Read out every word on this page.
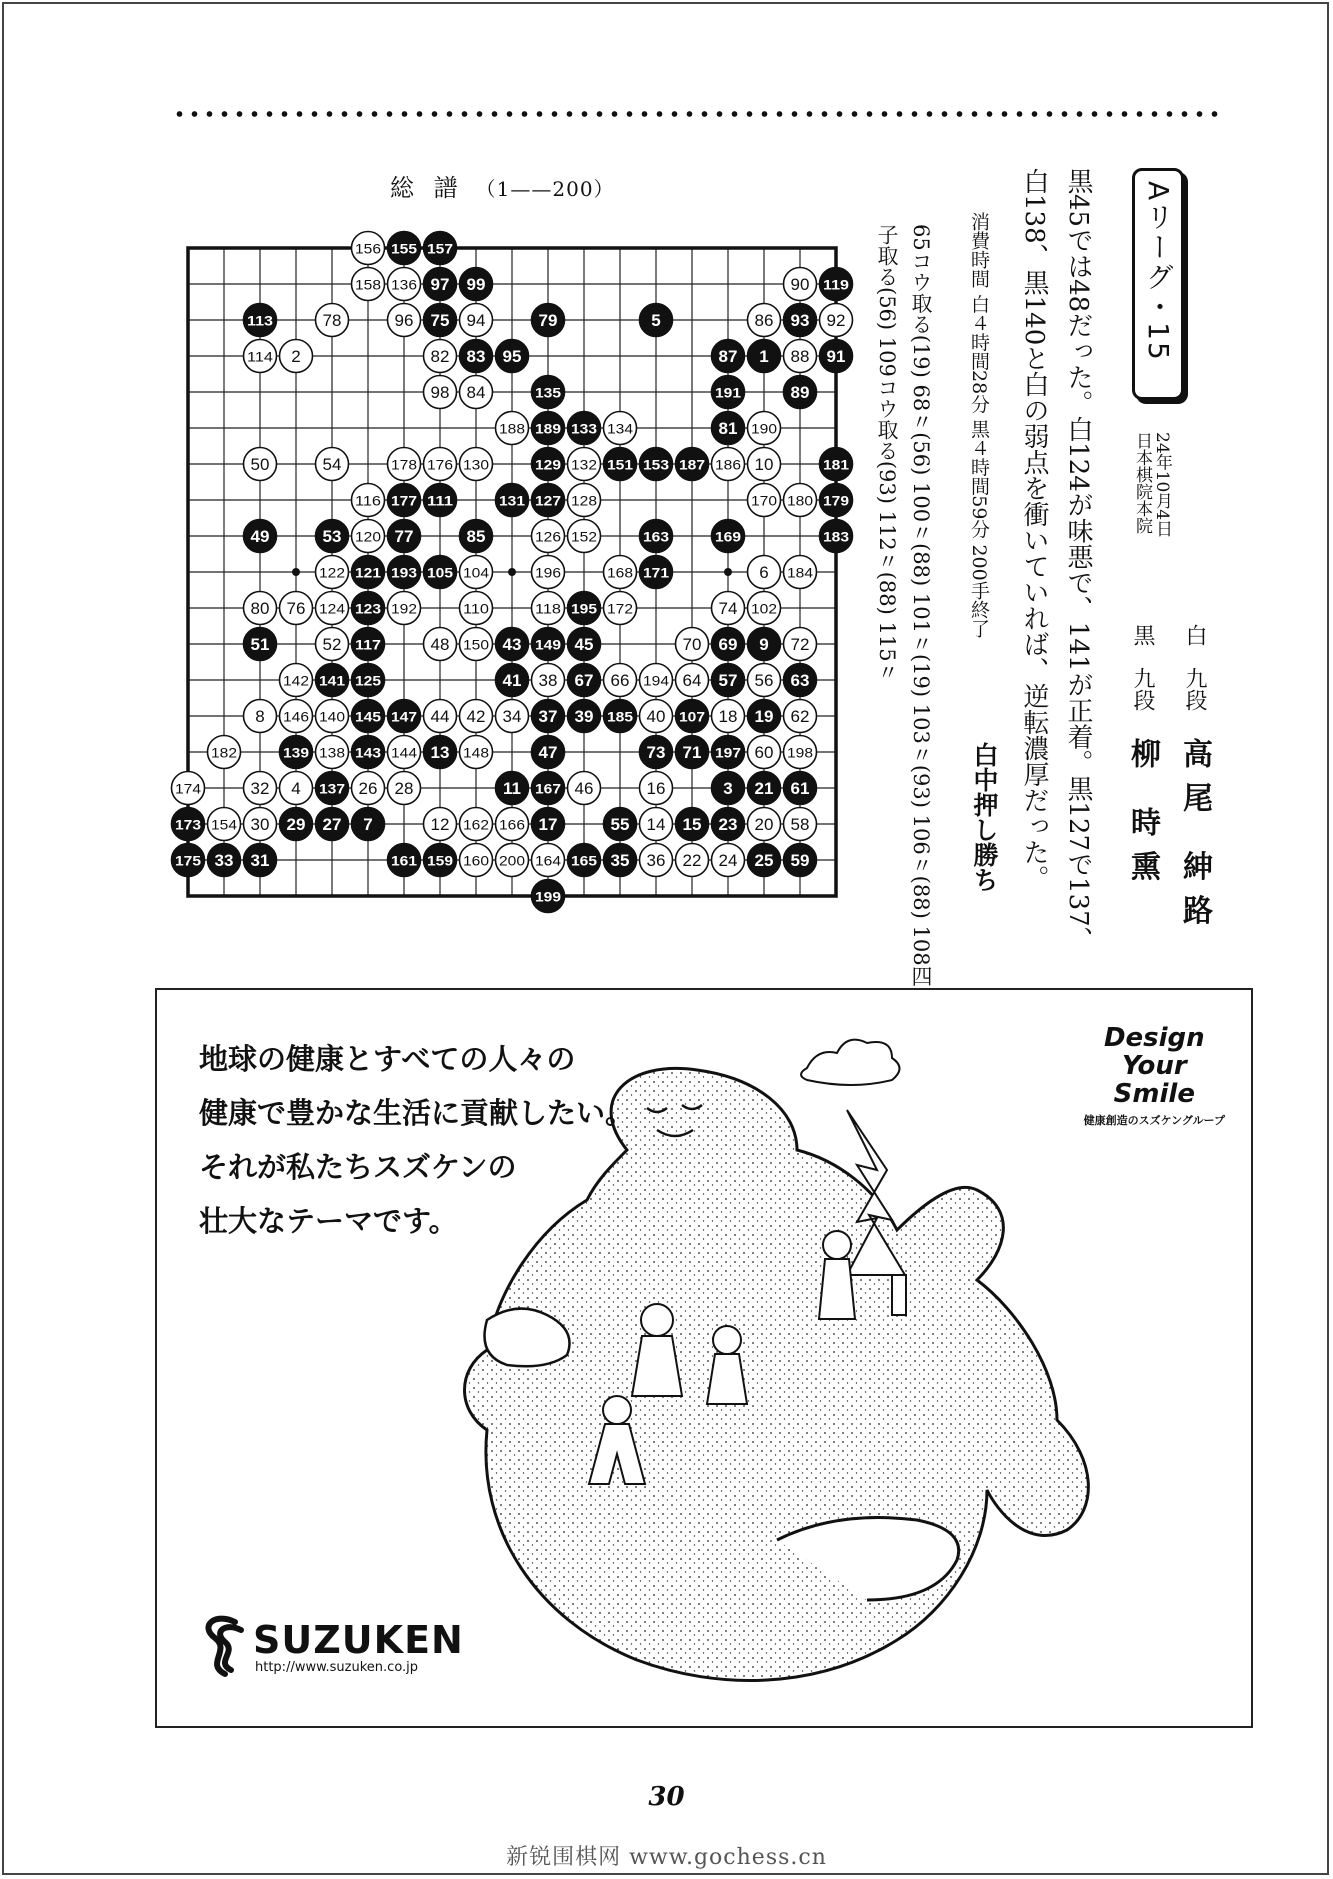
総 譜 （1——200）
156 155 157
158 136 97 99	90 119
113	78	96 75 94	79	5	86 93 92
114 2	82 83 95	87 1 88 91
98 84	135	191	89
188 189 133 134	81 190
50	54	178 176 130	129 132 151 153 187 186 10	181
116 177 111	131 127 128	170 180 179
49	53 120 77	85	126 152	163	169	183
122 121 193 105 104	196	168 171	6 184
80 76 124 123 192	110	118 195 172	74 102
51	52 117	48 150 43 149 45	70 69 9 72
142 141 125	41 38 67 66 194 64 57 56 63
8 146 140 145 147 44 42 34 37 39 185 40 107 18 19 62
182	139 138 143 144 13 148	47	73 71 197 60 198
174	32 4 137 26 28	11 167 46	16	3 21 61
173 154 30 29 27 7	12 162 166 17	55 14 15 23 20 58
175 33 31	161 159 160 200 164 165 35 36 22 24 25 59
199	65コウ取る(19) 68〃(56) 100〃(88) 101〃(19) 103〃(93) 106〃(88) 108四
子取る(56) 109コウ取る(93) 112〃(88) 115〃	黒45では48だった。白124が味悪で、141が正着。黒127で137、
白138、黒140と白の弱点を衝いていれば、逆転濃厚だった。
消費時間 白４時間28分 黒４時間59分 200手終了
白中押し勝ち
Aリーグ・15
24年10月4日
日本棋院本院
白 九段 高尾 紳路
黒 九段 柳 時熏
地球の健康とすべての人々の
健康で豊かな生活に貢献したい。
それが私たちスズケンの
壮大なテーマです。
Design
Your
Smile
健康創造のスズケングループ
SUZUKEN
http://www.suzuken.co.jp
30
新锐围棋网 www.gochess.cn
